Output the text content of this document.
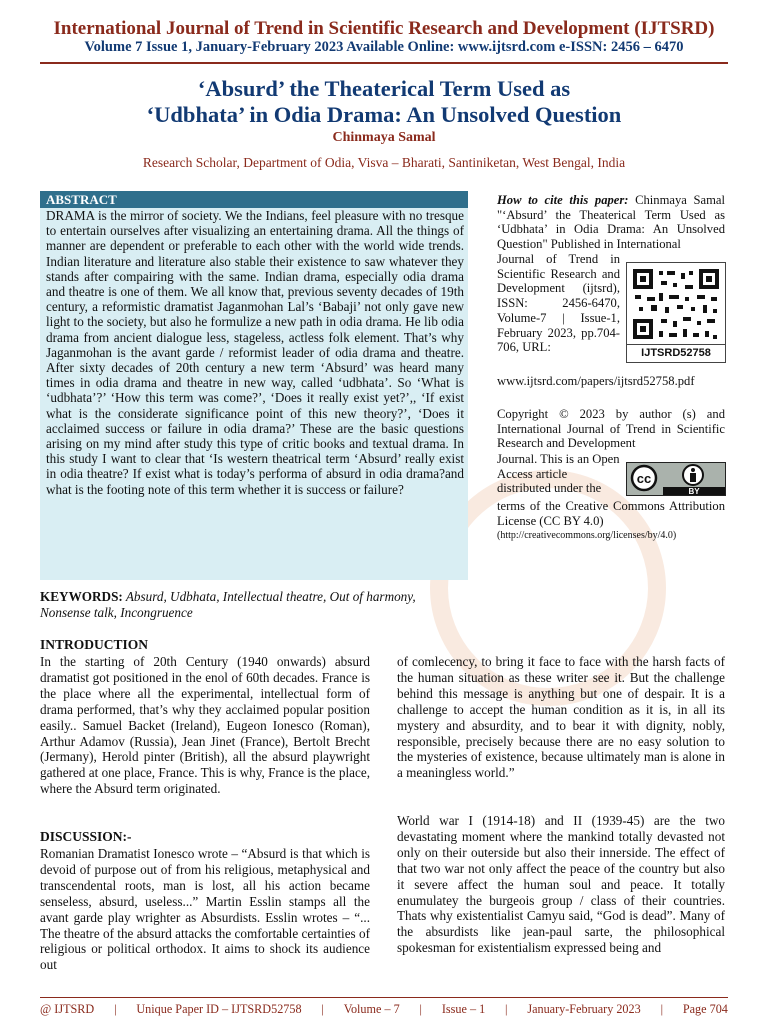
International Journal of Trend in Scientific Research and Development (IJTSRD)
Volume 7 Issue 1, January-February 2023 Available Online: www.ijtsrd.com e-ISSN: 2456 – 6470
‘Absurd’ the Theaterical Term Used as
‘Udbhata’ in Odia Drama: An Unsolved Question
Chinmaya Samal
Research Scholar, Department of Odia, Visva – Bharati, Santiniketan, West Bengal, India
ABSTRACT
DRAMA is the mirror of society. We the Indians, feel pleasure with no tresque to entertain ourselves after visualizing an entertaining drama. All the things of manner are dependent or preferable to each other with the world wide trends. Indian literature and literature also stable their existence to saw whatever they stands after compairing with the same. Indian drama, especially odia drama and theatre is one of them. We all know that, previous seventy decades of 19th century, a reformistic dramatist Jaganmohan Lal’s ‘Babaji’ not only gave new light to the society, but also he formulize a new path in odia drama. He lib odia drama from ancient dialogue less, stageless, actless folk element. That’s why Jaganmohan is the avant garde / reformist leader of odia drama and theatre. After sixty decades of 20th century a new term ‘Absurd’ was heard many times in odia drama and theatre in new way, called ‘udbhata’. So ‘What is ‘udbhata’?’ ‘How this term was come?’, ‘Does it really exist yet?’,, ‘If exist what is the considerate significance point of this new theory?’, ‘Does it acclaimed success or failure in odia drama?’ These are the basic questions arising on my mind after study this type of critic books and textual drama. In this study I want to clear that ‘Is western theatrical term ‘Absurd’ really exist in odia theatre? If exist what is today’s performa of absurd in odia drama?and what is the footing note of this term whether it is success or failure?
KEYWORDS: Absurd, Udbhata, Intellectual theatre, Out of harmony, Nonsense talk, Incongruence
How to cite this paper: Chinmaya Samal "‘Absurd’ the Theaterical Term Used as ‘Udbhata’ in Odia Drama: An Unsolved Question" Published in International
Journal of Trend in Scientific Research and Development (ijtsrd), ISSN: 2456-6470, Volume-7 | Issue-1, February 2023, pp.704-706, URL:	IJTSRD52758
www.ijtsrd.com/papers/ijtsrd52758.pdf
Copyright © 2023 by author (s) and International Journal of Trend in Scientific Research and Development
Journal. This is an Open Access article distributed under the
cc
BY
terms of the Creative Commons Attribution License (CC BY 4.0)
(http://creativecommons.org/licenses/by/4.0)
INTRODUCTION
In the starting of 20th Century (1940 onwards) absurd dramatist got positioned in the enol of 60th decades. France is the place where all the experimental, intellectual form of drama performed, that’s why they acclaimed popular position easily.. Samuel Backet (Ireland), Eugeon Ionesco (Roman), Arthur Adamov (Russia), Jean Jinet (France), Bertolt Brecht (Jermany), Herold pinter (British), all the absurd playwright gathered at one place, France. This is why, France is the place, where the Absurd term originated.
DISCUSSION:-
Romanian Dramatist Ionesco wrote – “Absurd is that which is devoid of purpose out of from his religious, metaphysical and transcendental roots, man is lost, all his action became senseless, absurd, useless...” Martin Esslin stamps all the avant garde play wrighter as Absurdists. Esslin wrotes – “... The theatre of the absurd attacks the comfortable certainties of religious or political orthodox. It aims to shock its audience out
of comlecency, to bring it face to face with the harsh facts of the human situation as these writer see it. But the challenge behind this message is anything but one of despair. It is a challenge to accept the human condition as it is, in all its mystery and absurdity, and to bear it with dignity, nobly, responsible, precisely because there are no easy solution to the mysteries of existence, because ultimately man is alone in a meaningless world.”
World war I (1914-18) and II (1939-45) are the two devastating moment where the mankind totally devasted not only on their outerside but also their innerside. The effect of that two war not only affect the peace of the country but also it severe affect the human soul and peace. It totally enumulatey the burgeois group / class of their countries. Thats why existentialist Camyu said, “God is dead”. Many of the absurdists like jean-paul sarte, the philosophical spokesman for existentialism expressed being and
@ IJTSRD | Unique Paper ID – IJTSRD52758 | Volume – 7 | Issue – 1 | January-February 2023 | Page 704
